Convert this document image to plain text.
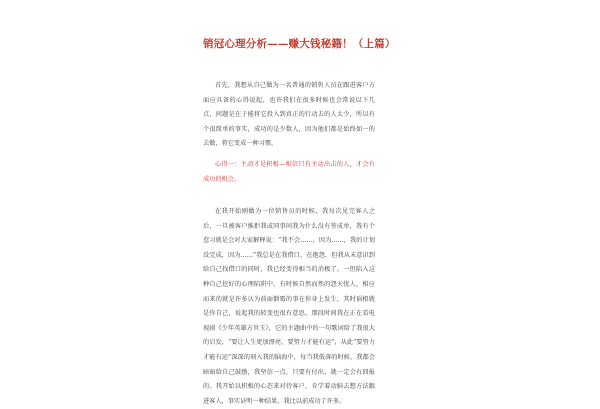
销冠心理分析——赚大钱秘籍！（上篇）
首先，我想从自己做为一名普通的销售人员在跟进客户方面应具备的心得说起，也许我们在很多时候也会常说以下几点，问题是在于能将它投入到真正的行动去的人太少，所以有个很简单的事实，成功的是少数人，因为他们都是始终如一的去做，将它变成一种习惯。
心得一：主动才是积极—相信只有主动出击的人，才会有成功的机会。
在我开始刚做为一位销售员的时候，我每次见完客人之后，一旦被客户推拒我或同事问我为什么没有签成单，我有个惹习就是会对大家解释说：“我不会……，因为……，我的计划没完成，因为……”我总是在我借口，在抱怨，但我从未意识到给自己找借口的同时，我已经变得相当的消极了。一但陷入这种自己挖好的心理陷阱中，有时候自然而然的怨天忧人，相应而来的就是许多认为前面倒霉的事在你身上发生，其时祸根就是你自己，说起我的转变也很有意思，那段时间我在正在看电视剧《少年英雄方世玉》，它的主题曲中的一句歌词给了我很大的启发，“要让人生更加漂亮，要努力才能有运”，从此“要努力才能有运”深深的刻入我的脑海中，每当我低落的时候，我都会暗暗给自己鼓励，我坚信一点，只要有付出，就一定会有回报的。我开始以积极的心态来对待客户，肯学着动脑去想方法跟进客人，事实证明一种结果，我比以前成功了许多。
